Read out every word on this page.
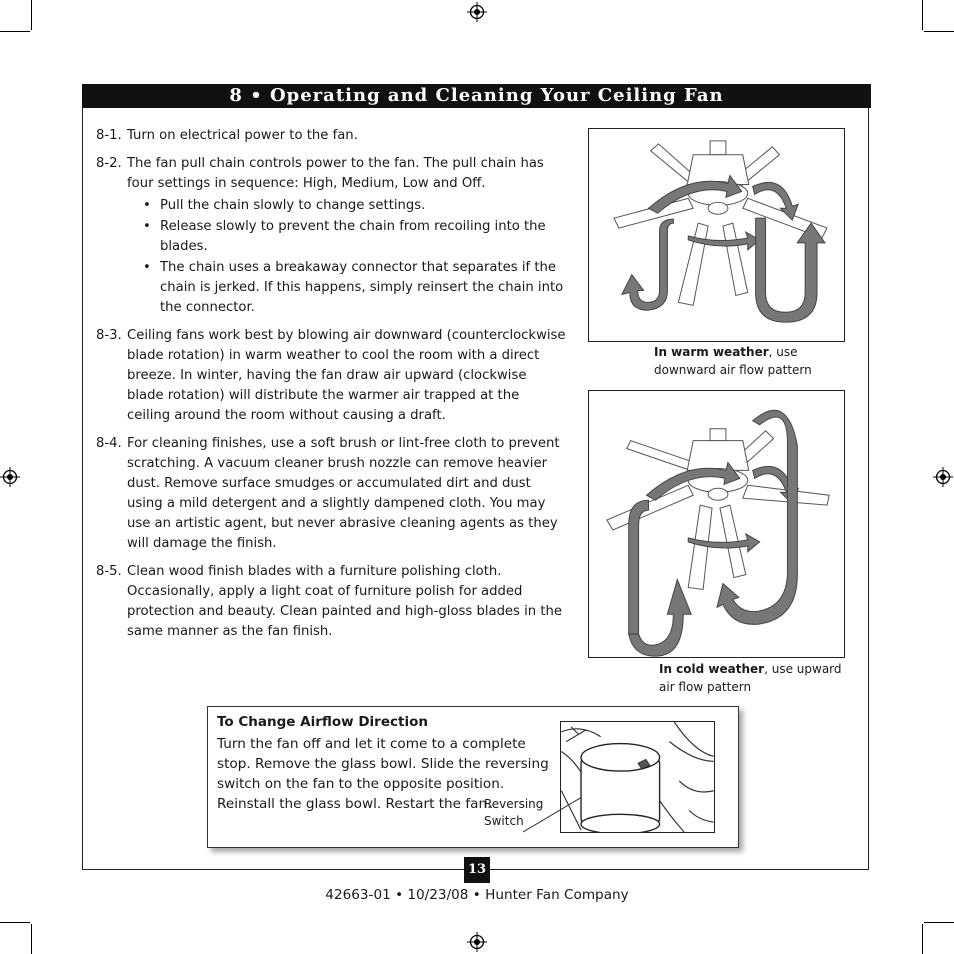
8 • Operating and Cleaning Your Ceiling Fan
8-1. Turn on electrical power to the fan.
8-2. The fan pull chain controls power to the fan. The pull chain has four settings in sequence: High, Medium, Low and Off.
• Pull the chain slowly to change settings.
• Release slowly to prevent the chain from recoiling into the blades.
• The chain uses a breakaway connector that separates if the chain is jerked. If this happens, simply reinsert the chain into the connector.
8-3. Ceiling fans work best by blowing air downward (counterclockwise blade rotation) in warm weather to cool the room with a direct breeze. In winter, having the fan draw air upward (clockwise blade rotation) will distribute the warmer air trapped at the ceiling around the room without causing a draft.
8-4. For cleaning finishes, use a soft brush or lint-free cloth to prevent scratching. A vacuum cleaner brush nozzle can remove heavier dust. Remove surface smudges or accumulated dirt and dust using a mild detergent and a slightly dampened cloth. You may use an artistic agent, but never abrasive cleaning agents as they will damage the finish.
8-5. Clean wood finish blades with a furniture polishing cloth. Occasionally, apply a light coat of furniture polish for added protection and beauty. Clean painted and high-gloss blades in the same manner as the fan finish.
In warm weather, use downward air flow pattern
In cold weather, use upward air flow pattern
To Change Airflow Direction
Turn the fan off and let it come to a complete stop. Remove the glass bowl. Slide the reversing switch on the fan to the opposite position. Reinstall the glass bowl. Restart the fan.
Reversing
Switch
13
42663-01 • 10/23/08 • Hunter Fan Company
